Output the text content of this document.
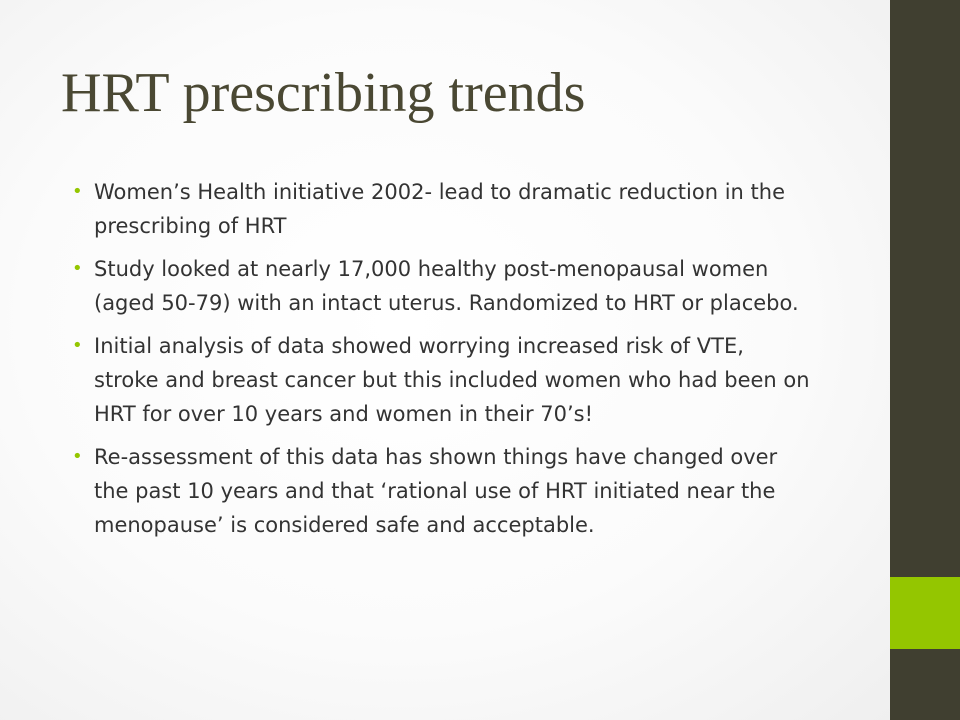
HRT prescribing trends
• Women’s Health initiative 2002- lead to dramatic reduction in the prescribing of HRT
• Study looked at nearly 17,000 healthy post-menopausal women (aged 50-79) with an intact uterus. Randomized to HRT or placebo.
• Initial analysis of data showed worrying increased risk of VTE, stroke and breast cancer but this included women who had been on HRT for over 10 years and women in their 70’s!
• Re-assessment of this data has shown things have changed over the past 10 years and that ‘rational use of HRT initiated near the menopause’ is considered safe and acceptable.
